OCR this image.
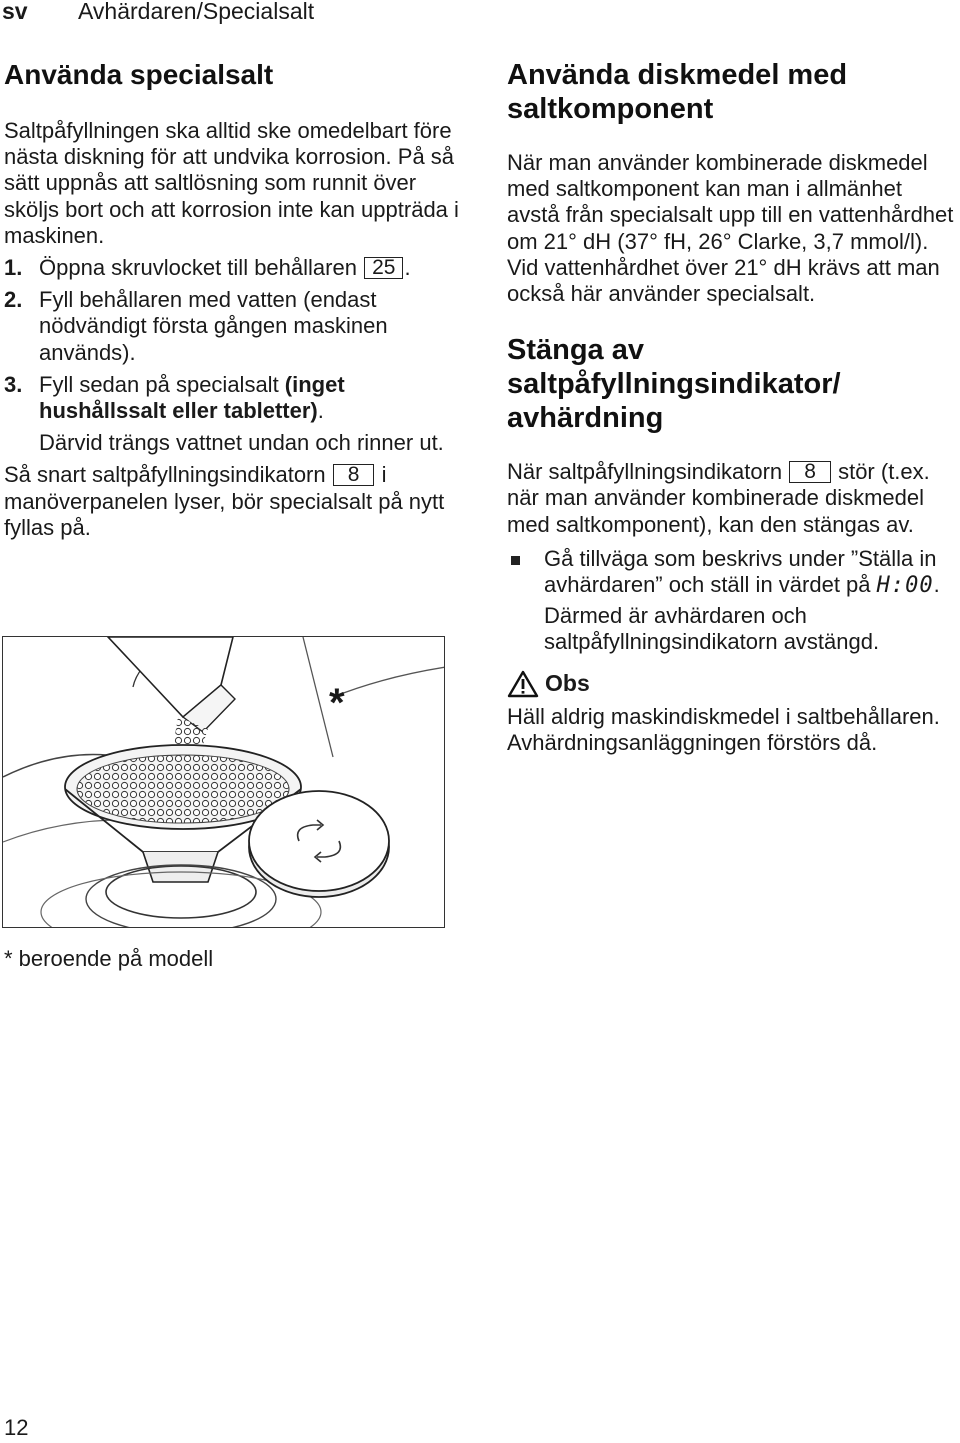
sv Avhärdaren/Specialsalt
Använda specialsalt

Saltpåfyllningen ska alltid ske omedelbart före nästa diskning för att undvika korrosion. På så sätt uppnås att saltlösning som runnit över sköljs bort och att korrosion inte kan uppträda i maskinen.

1. Öppna skruvlocket till behållaren 25 .
2. Fyll behållaren med vatten (endast nödvändigt första gången maskinen används).
3. Fyll sedan på specialsalt (inget hushållssalt eller tabletter).
Därvid trängs vattnet undan och rinner ut.

Så snart saltpåfyllningsindikatorn 8 i manöverpanelen lyser, bör specialsalt på nytt fyllas på.

*
* beroende på modell
Använda diskmedel med saltkomponent

När man använder kombinerade diskmedel med saltkomponent kan man i allmänhet avstå från specialsalt upp till en vattenhårdhet om 21° dH (37° fH, 26° Clarke, 3,7 mmol/l). Vid vattenhårdhet över 21° dH krävs att man också här använder specialsalt.

Stänga av saltpåfyllningsindikator/ avhärdning

När saltpåfyllningsindikatorn 8 stör (t.ex. när man använder kombinerade diskmedel med saltkomponent), kan den stängas av.

Gå tillväga som beskrivs under ”Ställa in avhärdaren” och ställ in värdet på H:00.
Därmed är avhärdaren och saltpåfyllningsindikatorn avstängd.
Obs

Häll aldrig maskindiskmedel i saltbehållaren. Avhärdningsanläggningen förstörs då.

12
